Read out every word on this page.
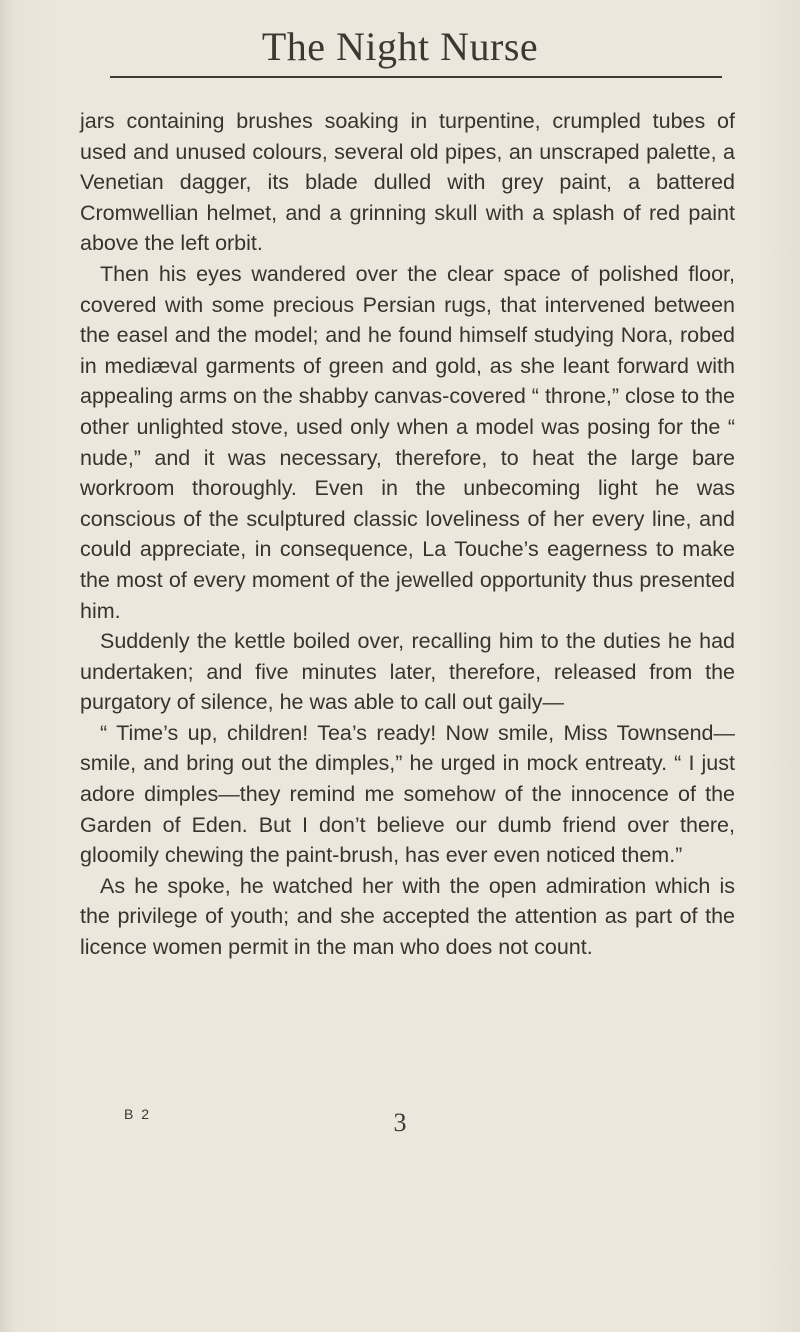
The Night Nurse

jars containing brushes soaking in turpentine, crumpled tubes of used and unused colours, several old pipes, an unscraped palette, a Venetian dagger, its blade dulled with grey paint, a battered Cromwellian helmet, and a grinning skull with a splash of red paint above the left orbit.

Then his eyes wandered over the clear space of polished floor, covered with some precious Persian rugs, that intervened between the easel and the model; and he found himself studying Nora, robed in mediæval garments of green and gold, as she leant forward with appealing arms on the shabby canvas-covered “ throne,” close to the other unlighted stove, used only when a model was posing for the “ nude,” and it was necessary, therefore, to heat the large bare workroom thoroughly. Even in the unbecoming light he was conscious of the sculptured classic loveliness of her every line, and could appreciate, in consequence, La Touche’s eagerness to make the most of every moment of the jewelled opportunity thus presented him.

Suddenly the kettle boiled over, recalling him to the duties he had undertaken; and five minutes later, therefore, released from the purgatory of silence, he was able to call out gaily—

“ Time’s up, children! Tea’s ready! Now smile, Miss Townsend—smile, and bring out the dimples,” he urged in mock entreaty. “ I just adore dimples—they remind me somehow of the innocence of the Garden of Eden. But I don’t believe our dumb friend over there, gloomily chewing the paint-brush, has ever even noticed them.”

As he spoke, he watched her with the open admiration which is the privilege of youth; and she accepted the attention as part of the licence women permit in the man who does not count.

B 2	3
